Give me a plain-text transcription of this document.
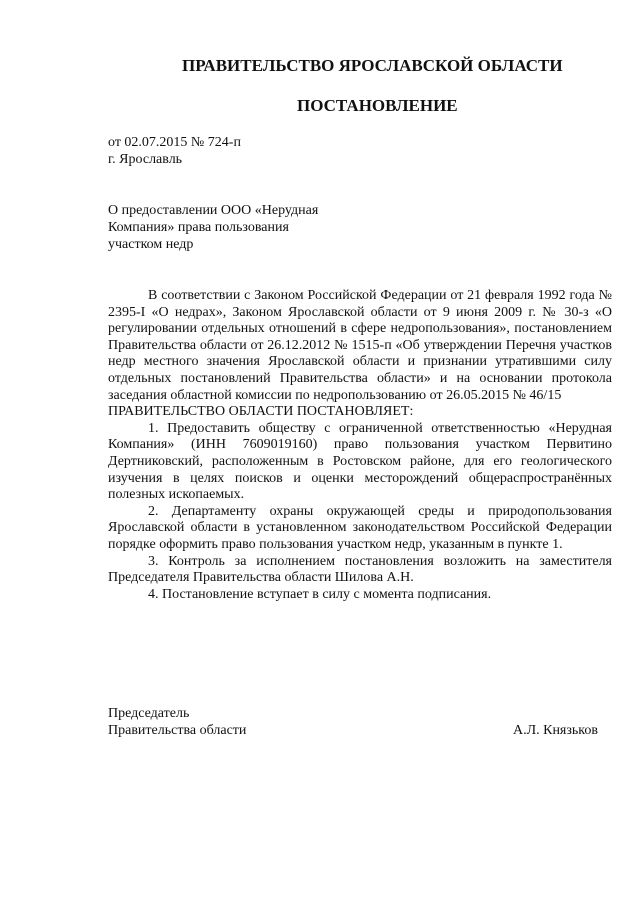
ПРАВИТЕЛЬСТВО ЯРОСЛАВСКОЙ ОБЛАСТИ
ПОСТАНОВЛЕНИЕ
от 02.07.2015 № 724-п
г. Ярославль
О предоставлении ООО «Нерудная
Компания» права пользования
участком недр

В соответствии с Законом Российской Федерации от 21 февраля 1992 года № 2395-I «О недрах», Законом Ярославской области от 9 июня 2009 г. № 30-з «О регулировании отдельных отношений в сфере недропользования», постановлением Правительства области от 26.12.2012 № 1515-п «Об утверждении Перечня участков недр местного значения Ярославской области и признании утратившими силу отдельных постановлений Правительства области» и на основании протокола заседания областной комиссии по недропользованию от 26.05.2015 № 46/15

ПРАВИТЕЛЬСТВО ОБЛАСТИ ПОСТАНОВЛЯЕТ:

1. Предоставить обществу с ограниченной ответственностью «Нерудная Компания» (ИНН 7609019160) право пользования участком Первитино Дертниковский, расположенным в Ростовском районе, для его геологического изучения в целях поисков и оценки месторождений общераспространённых полезных ископаемых.

2. Департаменту охраны окружающей среды и природопользования Ярославской области в установленном законодательством Российской Федерации порядке оформить право пользования участком недр, указанным в пункте 1.

3. Контроль за исполнением постановления возложить на заместителя Председателя Правительства области Шилова А.Н.

4. Постановление вступает в силу с момента подписания.

Председатель
Правительства области	А.Л. Князьков
